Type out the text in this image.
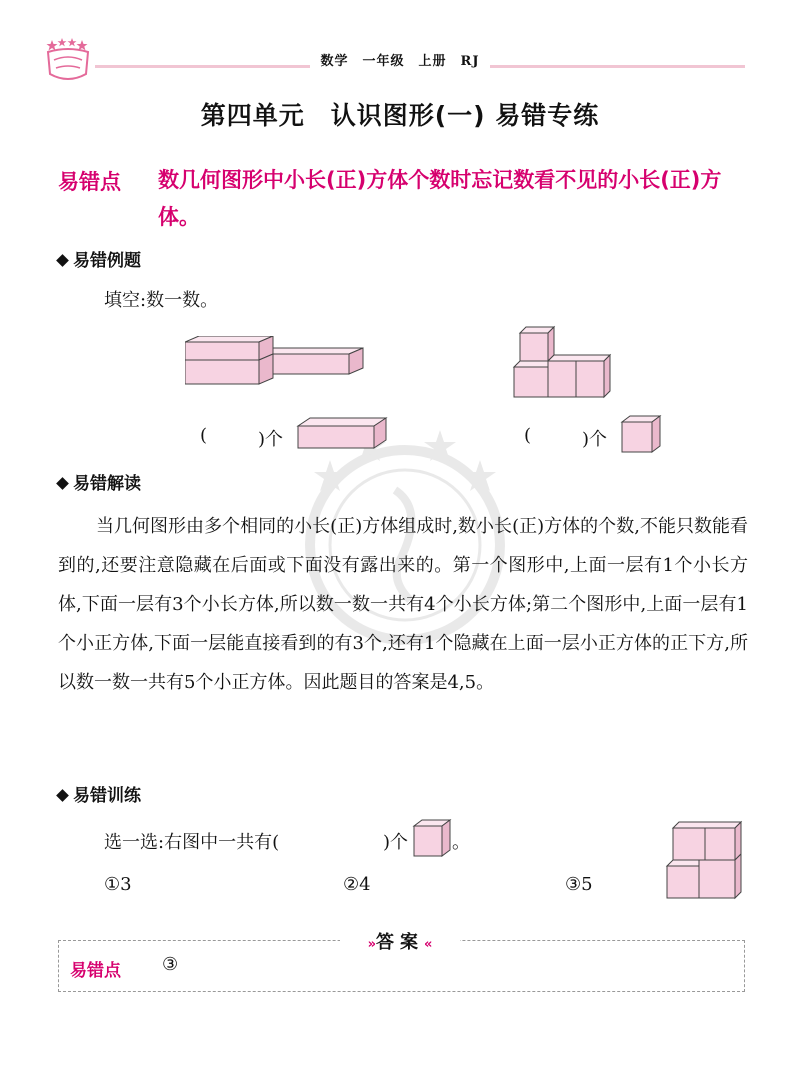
数学　一年级　上册　RJ
第四单元　认识图形(一) 易错专练
易错点 数几何图形中小长(正)方体个数时忘记数看不见的小长(正)方体。
易错例题
填空:数一数。
(	)个	(	)个
易错解读
当几何图形由多个相同的小长(正)方体组成时,数小长(正)方体的个数,不能只数能看到的,还要注意隐藏在后面或下面没有露出来的。第一个图形中,上面一层有1个小长方体,下面一层有3个小长方体,所以数一数一共有4个小长方体;第二个图形中,上面一层有1个小正方体,下面一层能直接看到的有3个,还有1个隐藏在上面一层小正方体的正下方,所以数一数一共有5个小正方体。因此题目的答案是4,5。
易错训练
选一选:右图中一共有(	)个 。
①3	②4	③5
»答案«
易错点 ③
